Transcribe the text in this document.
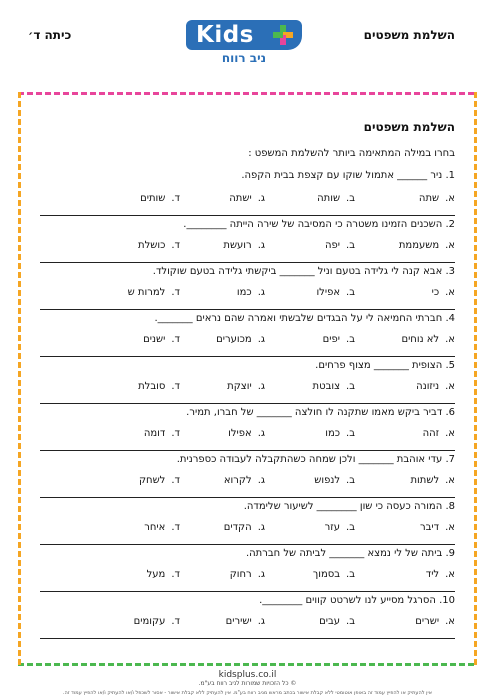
השלמת משפטים
כיתה ד׳	Kids
ניב רווח
השלמת משפטים
בחרו במילה המתאימה ביותר להשלמת המשפט :
1. ניר ______ אתמול שוקו עם קצפת בבית הקפה.
א.שתה
ב.שותה
ג.ישתה
ד.שותים
2. השכנים הזמינו משטרה כי המסיבה של שירה הייתה ________.
א.משעממת
ב.יפה
ג.רועשת
ד.כושלת
3. אבא קנה לי גלידה בטעם וניל _______ ביקשתי גלידה בטעם שוקולד.
א.כי
ב.אפילו
ג.כמו
ד.למרות ש
4. חברתי החמיאה לי על הבגדים שלבשתי ואמרה שהם נראים _______.
א.לא נוחים
ב.יפים
ג.מכוערים
ד.ישנים
5. הצופית _______ מצוף פרחים.
א.ניזונה
ב.צובטת
ג.יוצקת
ד.סובלת
6. דביר ביקש מאמו שתקנה לו חולצה _______ של חברו, תמיר.
א.זהה
ב.כמו
ג.אפילו
ד.דומה
7. עדי אוהבת _______ ולכן שמחה כשהתקבלה לעבודה כספרנית.
א.לשתות
ב.לנפוש
ג.לקרוא
ד.לשחק
8. המורה כעסה כי שון ________ לשיעור שלימדה.
א.דיבר
ב.עזר
ג.הקדים
ד.איחר
9. ביתה של לי נמצא _______ לביתה של חברתה.
א.ליד
ב.בסמוך
ג.רחוק
ד.מעל
10. הסרגל מסייע לנו לשרטט קווים ________.
א.ישרים
ב.עבים
ג.ישירים
ד.עקומים
kidsplus.co.il
© כל הזכויות שמורות לניב רווח בע"מ.
אין להעתיק או להפיץ עמוד זה באופן אוטומטי ללא קבלת אישור בכתב מראש מניב רווח בע"מ. אין להעתיק ללא קבלת אישור - אסור לשכפל ו/או להעתיק ו/או להפיץ עמוד זה.
